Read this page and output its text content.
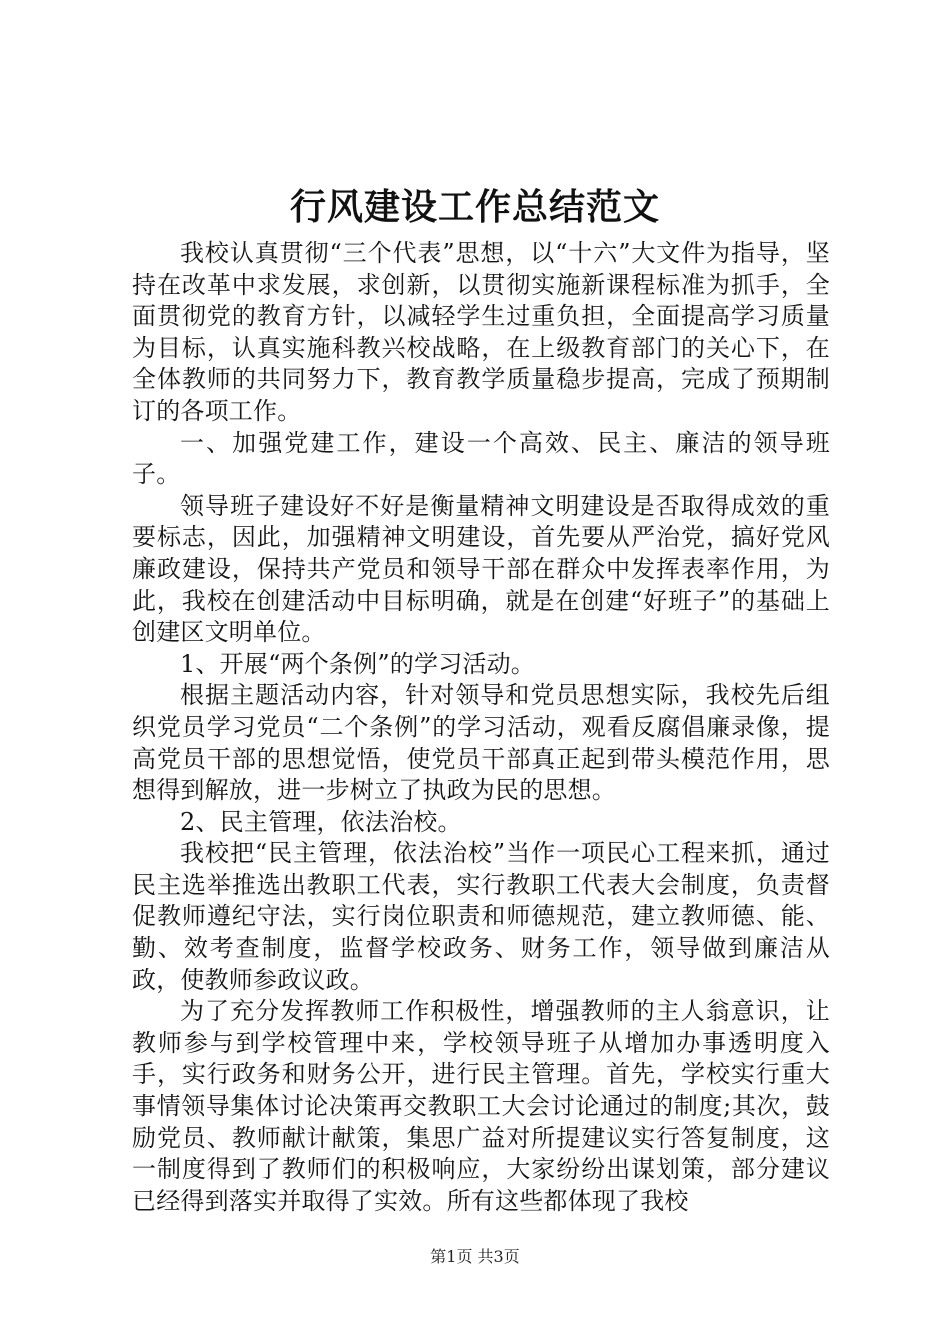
行风建设工作总结范文

我校认真贯彻“三个代表”思想，以“十六”大文件为指导，坚持在改革中求发展，求创新，以贯彻实施新课程标准为抓手，全面贯彻党的教育方针，以减轻学生过重负担，全面提高学习质量为目标，认真实施科教兴校战略，在上级教育部门的关心下，在全体教师的共同努力下，教育教学质量稳步提高，完成了预期制订的各项工作。

一、加强党建工作，建设一个高效、民主、廉洁的领导班子。

领导班子建设好不好是衡量精神文明建设是否取得成效的重要标志，因此，加强精神文明建设，首先要从严治党，搞好党风廉政建设，保持共产党员和领导干部在群众中发挥表率作用，为此，我校在创建活动中目标明确，就是在创建“好班子”的基础上创建区文明单位。

1、开展“两个条例”的学习活动。

根据主题活动内容，针对领导和党员思想实际，我校先后组织党员学习党员“二个条例”的学习活动，观看反腐倡廉录像，提高党员干部的思想觉悟，使党员干部真正起到带头模范作用，思想得到解放，进一步树立了执政为民的思想。

2、民主管理，依法治校。

我校把“民主管理，依法治校”当作一项民心工程来抓，通过民主选举推选出教职工代表，实行教职工代表大会制度，负责督促教师遵纪守法，实行岗位职责和师德规范，建立教师德、能、勤、效考查制度，监督学校政务、财务工作，领导做到廉洁从政，使教师参政议政。

为了充分发挥教师工作积极性，增强教师的主人翁意识，让教师参与到学校管理中来，学校领导班子从增加办事透明度入手，实行政务和财务公开，进行民主管理。首先，学校实行重大事情领导集体讨论决策再交教职工大会讨论通过的制度;其次，鼓励党员、教师献计献策，集思广益对所提建议实行答复制度，这一制度得到了教师们的积极响应，大家纷纷出谋划策，部分建议已经得到落实并取得了实效。所有这些都体现了我校

第1页 共3页
